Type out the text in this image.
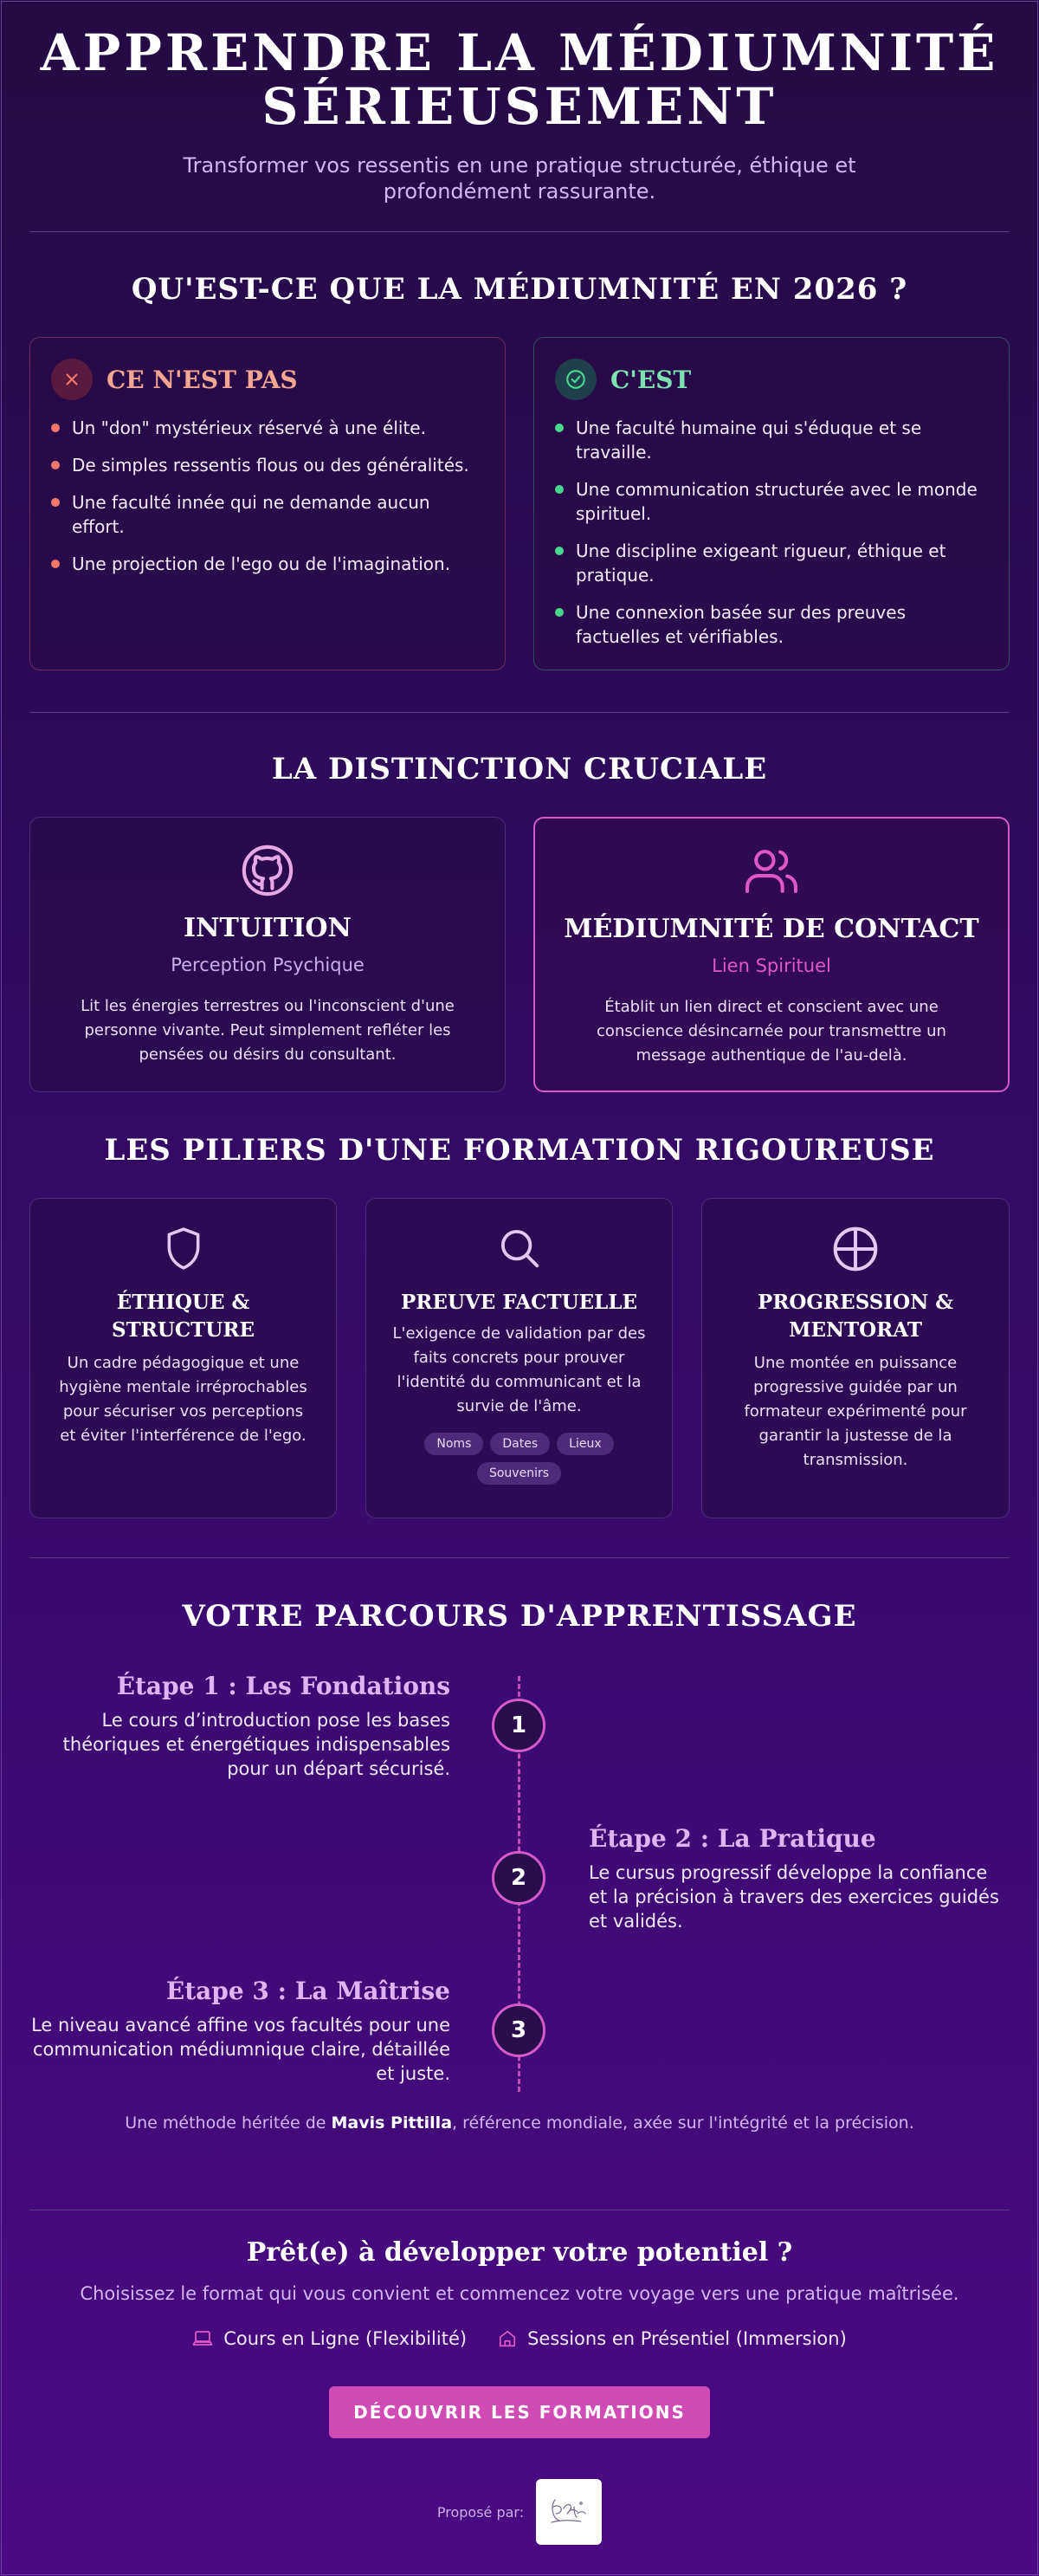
APPRENDRE LA MÉDIUMNITÉ
SÉRIEUSEMENT

Transformer vos ressentis en une pratique structurée, éthique et profondément rassurante.

QU'EST-CE QUE LA MÉDIUMNITÉ EN 2026 ?
CE N'EST PAS
Un "don" mystérieux réservé à une élite.
De simples ressentis flous ou des généralités.
Une faculté innée qui ne demande aucun effort.
Une projection de l'ego ou de l'imagination.
C'EST
Une faculté humaine qui s'éduque et se travaille.
Une communication structurée avec le monde spirituel.
Une discipline exigeant rigueur, éthique et pratique.
Une connexion basée sur des preuves factuelles et vérifiables.
LA DISTINCTION CRUCIALE
INTUITION
Perception Psychique
Lit les énergies terrestres ou l'inconscient d'une personne vivante. Peut simplement refléter les pensées ou désirs du consultant.
MÉDIUMNITÉ DE CONTACT
Lien Spirituel
Établit un lien direct et conscient avec une conscience désincarnée pour transmettre un message authentique de l'au-delà.
LES PILIERS D'UNE FORMATION RIGOUREUSE
ÉTHIQUE & STRUCTURE
Un cadre pédagogique et une hygiène mentale irréprochables pour sécuriser vos perceptions et éviter l'interférence de l'ego.
PREUVE FACTUELLE
L'exigence de validation par des faits concrets pour prouver l'identité du communicant et la survie de l'âme.
Noms	Dates	Lieux
Souvenirs
PROGRESSION & MENTORAT
Une montée en puissance progressive guidée par un formateur expérimenté pour garantir la justesse de la transmission.
VOTRE PARCOURS D'APPRENTISSAGE
Étape 1 : Les Fondations
Le cours d’introduction pose les bases théoriques et énergétiques indispensables pour un départ sécurisé.
1
Étape 2 : La Pratique
Le cursus progressif développe la confiance et la précision à travers des exercices guidés et validés.
2
Étape 3 : La Maîtrise
Le niveau avancé affine vos facultés pour une communication médiumnique claire, détaillée et juste.
3
Une méthode héritée de Mavis Pittilla, référence mondiale, axée sur l'intégrité et la précision.
Prêt(e) à développer votre potentiel ?

Choisissez le format qui vous convient et commencez votre voyage vers une pratique maîtrisée.

Cours en Ligne (Flexibilité)	Sessions en Présentiel (Immersion)
DÉCOUVRIR LES FORMATIONS
Proposé par:
